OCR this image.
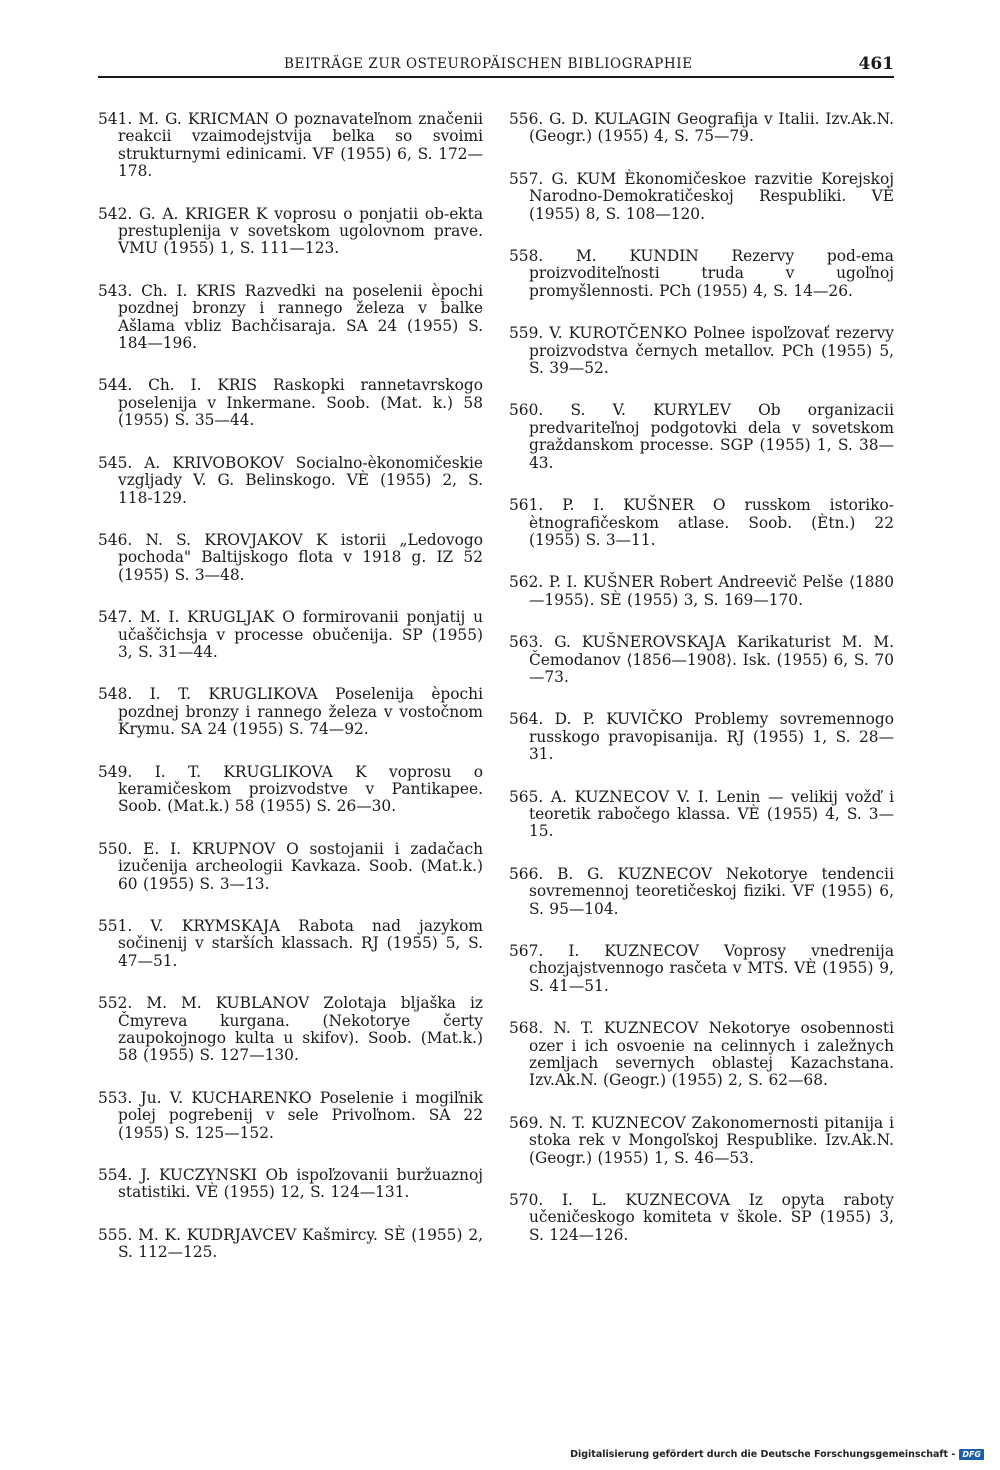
BEITRÄGE ZUR OSTEUROPÄISCHEN BIBLIOGRAPHIE	461

541. M. G. KRICMAN O poznavateľnom značenii reakcii vzaimodejstvija belka so svoimi strukturnymi edinicami. VF (1955) 6, S. 172—178.

542. G. A. KRIGER K voprosu o ponjatii ob-ekta prestuplenija v sovetskom ugolovnom prave. VMU (1955) 1, S. 111—123.

543. Ch. I. KRIS Razvedki na poselenii èpochi pozdnej bronzy i rannego železa v balke Ašlama vbliz Bachčisaraja. SA 24 (1955) S. 184—196.

544. Ch. I. KRIS Raskopki rannetavrskogo poselenija v Inkermane. Soob. (Mat. k.) 58 (1955) S. 35—44.

545. A. KRIVOBOKOV Socialno-èkonomičeskie vzgljady V. G. Belinskogo. VÈ (1955) 2, S. 118-129.

546. N. S. KROVJAKOV K istorii „Ledovogo pochoda" Baltijskogo flota v 1918 g. IZ 52 (1955) S. 3—48.

547. M. I. KRUGLJAK O formirovanii ponjatij u učaščichsja v processe obučenija. SP (1955) 3, S. 31—44.

548. I. T. KRUGLIKOVA Poselenija èpochi pozdnej bronzy i rannego železa v vostočnom Krymu. SA 24 (1955) S. 74—92.

549. I. T. KRUGLIKOVA K voprosu o keramičeskom proizvodstve v Pantikapee. Soob. (Mat.k.) 58 (1955) S. 26—30.

550. E. I. KRUPNOV O sostojanii i zadačach izučenija archeologii Kavkaza. Soob. (Mat.k.) 60 (1955) S. 3—13.

551. V. KRYMSKAJA Rabota nad jazykom sočinenij v starších klassach. RJ (1955) 5, S. 47—51.

552. M. M. KUBLANOV Zolotaja bljaška iz Čmyreva kurgana. (Nekotorye čerty zaupokojnogo kulta u skifov). Soob. (Mat.k.) 58 (1955) S. 127—130.

553. Ju. V. KUCHARENKO Poselenie i mogiľnik polej pogrebenij v sele Privoľnom. SA 22 (1955) S. 125—152.

554. J. KUCZYNSKI Ob ispoľzovanii buržuaznoj statistiki. VÈ (1955) 12, S. 124—131.

555. M. K. KUDRJAVCEV Kašmircy. SÈ (1955) 2, S. 112—125.

556. G. D. KULAGIN Geografija v Italii. Izv.Ak.N. (Geogr.) (1955) 4, S. 75—79.

557. G. KUM Èkonomičeskoe razvitie Korejskoj Narodno-Demokratičeskoj Respubliki. VÈ (1955) 8, S. 108—120.

558. M. KUNDIN Rezervy pod-ema proizvoditeľnosti truda v ugoľnoj promyšlennosti. PCh (1955) 4, S. 14—26.

559. V. KUROTČENKO Polnee ispoľzovať rezervy proizvodstva černych metallov. PCh (1955) 5, S. 39—52.

560. S. V. KURYLEV Ob organizacii predvariteľnoj podgotovki dela v sovetskom graždanskom processe. SGP (1955) 1, S. 38—43.

561. P. I. KUŠNER O russkom istoriko-ètnografičeskom atlase. Soob. (Ètn.) 22 (1955) S. 3—11.

562. P. I. KUŠNER Robert Andreevič Pelše ⟨1880—1955⟩. SÈ (1955) 3, S. 169—170.

563. G. KUŠNEROVSKAJA Karikaturist M. M. Čemodanov ⟨1856—1908⟩. Isk. (1955) 6, S. 70—73.

564. D. P. KUVIČKO Problemy sovremennogo russkogo pravopisanija. RJ (1955) 1, S. 28—31.

565. A. KUZNECOV V. I. Lenin — velikij vožď i teoretik rabočego klassa. VÈ (1955) 4, S. 3—15.

566. B. G. KUZNECOV Nekotorye tendencii sovremennoj teoretičeskoj fiziki. VF (1955) 6, S. 95—104.

567. I. KUZNECOV Voprosy vnedrenija chozjajstvennogo rasčeta v MTS. VÈ (1955) 9, S. 41—51.

568. N. T. KUZNECOV Nekotorye osobennosti ozer i ich osvoenie na celinnych i zaležnych zemljach severnych oblastej Kazachstana. Izv.Ak.N. (Geogr.) (1955) 2, S. 62—68.

569. N. T. KUZNECOV Zakonomernosti pitanija i stoka rek v Mongoľskoj Respublike. Izv.Ak.N. (Geogr.) (1955) 1, S. 46—53.

570. I. L. KUZNECOVA Iz opyta raboty učeničeskogo komiteta v škole. SP (1955) 3, S. 124—126.

Digitalisierung gefördert durch die Deutsche Forschungsgemeinschaft - DFG
